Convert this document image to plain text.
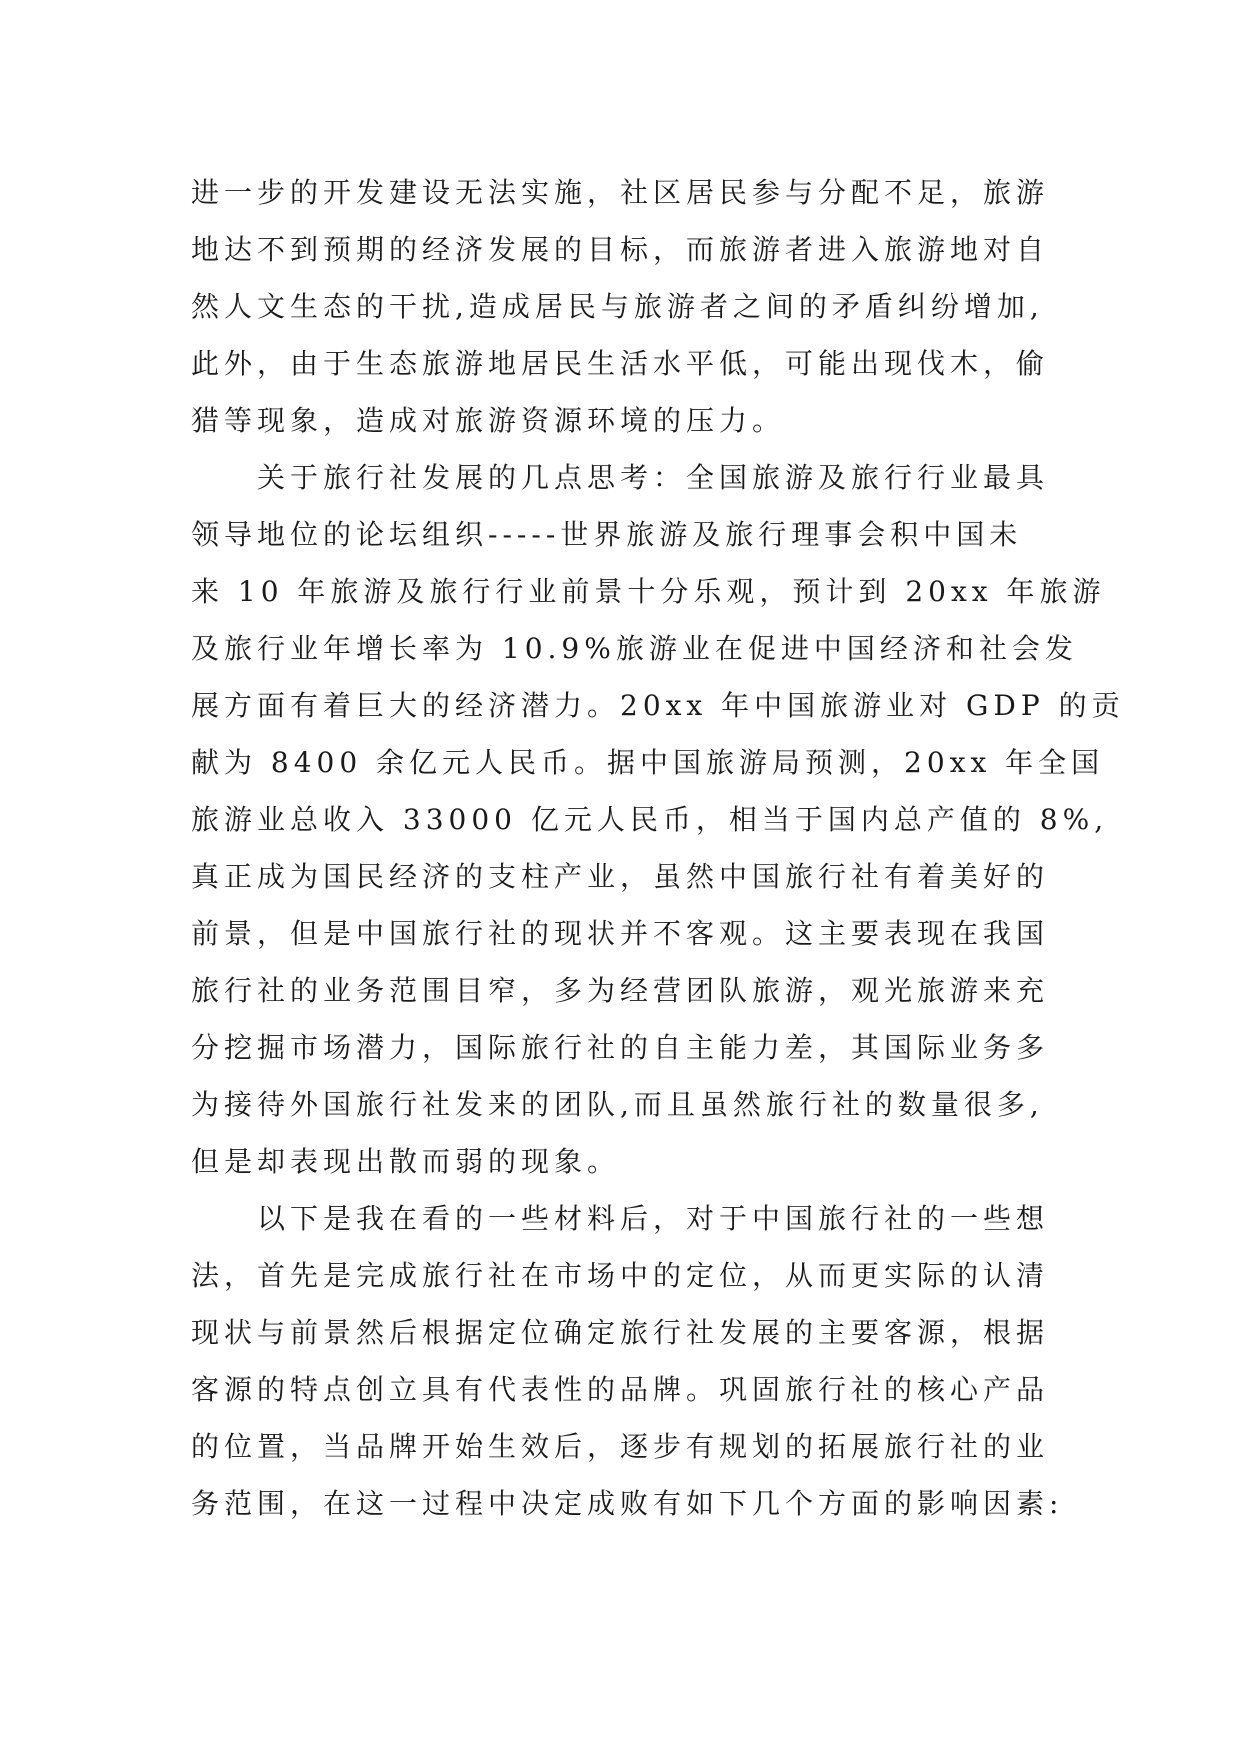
进一步的开发建设无法实施，社区居民参与分配不足，旅游
地达不到预期的经济发展的目标，而旅游者进入旅游地对自
然人文生态的干扰,造成居民与旅游者之间的矛盾纠纷增加,
此外，由于生态旅游地居民生活水平低，可能出现伐木，偷
猎等现象，造成对旅游资源环境的压力。
关于旅行社发展的几点思考：全国旅游及旅行行业最具
领导地位的论坛组织-----世界旅游及旅行理事会积中国未
来 10 年旅游及旅行行业前景十分乐观，预计到 20xx 年旅游
及旅行业年增长率为 10.9%旅游业在促进中国经济和社会发
展方面有着巨大的经济潜力。20xx 年中国旅游业对 GDP 的贡
献为 8400 余亿元人民币。据中国旅游局预测，20xx 年全国
旅游业总收入 33000 亿元人民币，相当于国内总产值的 8%,
真正成为国民经济的支柱产业，虽然中国旅行社有着美好的
前景，但是中国旅行社的现状并不客观。这主要表现在我国
旅行社的业务范围目窄，多为经营团队旅游，观光旅游来充
分挖掘市场潜力，国际旅行社的自主能力差，其国际业务多
为接待外国旅行社发来的团队,而且虽然旅行社的数量很多,
但是却表现出散而弱的现象。
以下是我在看的一些材料后，对于中国旅行社的一些想
法，首先是完成旅行社在市场中的定位，从而更实际的认清
现状与前景然后根据定位确定旅行社发展的主要客源，根据
客源的特点创立具有代表性的品牌。巩固旅行社的核心产品
的位置，当品牌开始生效后，逐步有规划的拓展旅行社的业
务范围，在这一过程中决定成败有如下几个方面的影响因素:
